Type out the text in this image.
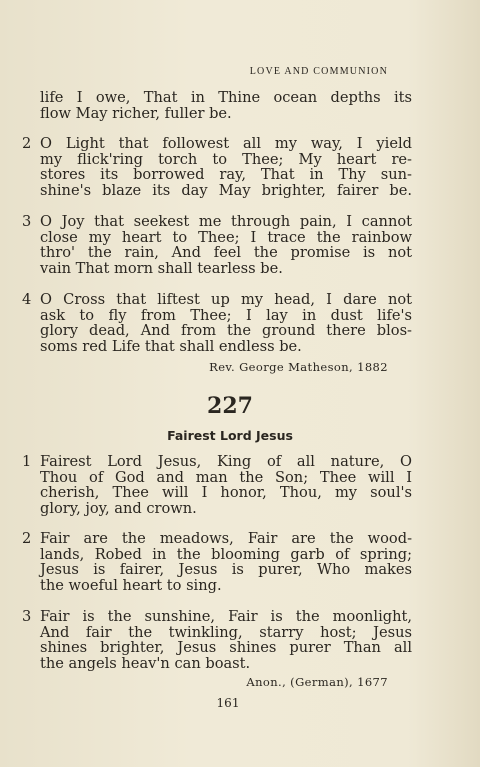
LOVE AND COMMUNION
life I owe, That in Thine ocean depths its
flow May richer, fuller be.
2 O Light that followest all my way, I yield
my flick'ring torch to Thee; My heart re-
stores its borrowed ray, That in Thy sun-
shine's blaze its day May brighter, fairer be.
3 O Joy that seekest me through pain, I cannot
close my heart to Thee; I trace the rainbow
thro' the rain, And feel the promise is not
vain That morn shall tearless be.
4 O Cross that liftest up my head, I dare not
ask to fly from Thee; I lay in dust life's
glory dead, And from the ground there blos-
soms red Life that shall endless be.
Rev. George Matheson, 1882
227
Fairest Lord Jesus
1 Fairest Lord Jesus, King of all nature, O
Thou of God and man the Son; Thee will I
cherish, Thee will I honor, Thou, my soul's
glory, joy, and crown.
2 Fair are the meadows, Fair are the wood-
lands, Robed in the blooming garb of spring;
Jesus is fairer, Jesus is purer, Who makes
the woeful heart to sing.
3 Fair is the sunshine, Fair is the moonlight,
And fair the twinkling, starry host; Jesus
shines brighter, Jesus shines purer Than all
the angels heav'n can boast.
Anon., (German), 1677
161
